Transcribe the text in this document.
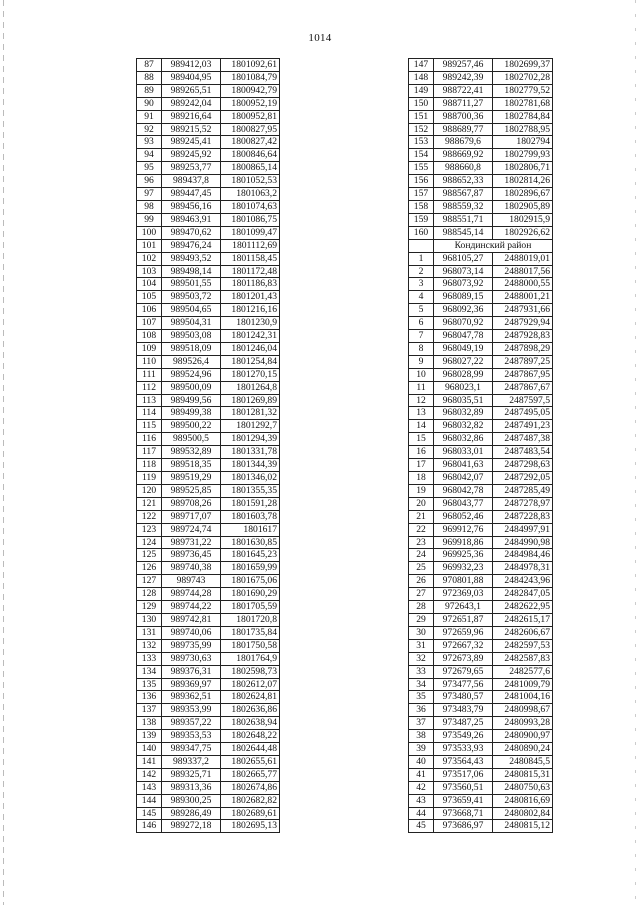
1014
87	989412,03	1801092,61
88	989404,95	1801084,79
89	989265,51	1800942,79
90	989242,04	1800952,19
91	989216,64	1800952,81
92	989215,52	1800827,95
93	989245,41	1800827,42
94	989245,92	1800846,64
95	989253,77	1800865,14
96	989437,8	1801052,53
97	989447,45	1801063,2
98	989456,16	1801074,63
99	989463,91	1801086,75
100	989470,62	1801099,47
101	989476,24	1801112,69
102	989493,52	1801158,45
103	989498,14	1801172,48
104	989501,55	1801186,83
105	989503,72	1801201,43
106	989504,65	1801216,16
107	989504,31	1801230,9
108	989503,08	1801242,31
109	989518,09	1801246,04
110	989526,4	1801254,84
111	989524,96	1801270,15
112	989500,09	1801264,8
113	989499,56	1801269,89
114	989499,38	1801281,32
115	989500,22	1801292,7
116	989500,5	1801294,39
117	989532,89	1801331,78
118	989518,35	1801344,39
119	989519,29	1801346,02
120	989525,85	1801355,35
121	989708,26	1801591,28
122	989717,07	1801603,78
123	989724,74	1801617
124	989731,22	1801630,85
125	989736,45	1801645,23
126	989740,38	1801659,99
127	989743	1801675,06
128	989744,28	1801690,29
129	989744,22	1801705,59
130	989742,81	1801720,8
131	989740,06	1801735,84
132	989735,99	1801750,58
133	989730,63	1801764,9
134	989376,31	1802598,73
135	989369,97	1802612,07
136	989362,51	1802624,81
137	989353,99	1802636,86
138	989357,22	1802638,94
139	989353,53	1802648,22
140	989347,75	1802644,48
141	989337,2	1802655,61
142	989325,71	1802665,77
143	989313,36	1802674,86
144	989300,25	1802682,82
145	989286,49	1802689,61
146	989272,18	1802695,13
147	989257,46	1802699,37
148	989242,39	1802702,28
149	988722,41	1802779,52
150	988711,27	1802781,68
151	988700,36	1802784,84
152	988689,77	1802788,95
153	988679,6	1802794
154	988669,92	1802799,93
155	988660,8	1802806,71
156	988652,33	1802814,26
157	988567,87	1802896,67
158	988559,32	1802905,89
159	988551,71	1802915,9
160	988545,14	1802926,62
	Кондинский район	
1	968105,27	2488019,01
2	968073,14	2488017,56
3	968073,92	2488000,55
4	968089,15	2488001,21
5	968092,36	2487931,66
6	968070,92	2487929,94
7	968047,78	2487928,83
8	968049,19	2487898,29
9	968027,22	2487897,25
10	968028,99	2487867,95
11	968023,1	2487867,67
12	968035,51	2487597,5
13	968032,89	2487495,05
14	968032,82	2487491,23
15	968032,86	2487487,38
16	968033,01	2487483,54
17	968041,63	2487298,63
18	968042,07	2487292,05
19	968042,78	2487285,49
20	968043,77	2487278,97
21	968052,46	2487228,83
22	969912,76	2484997,91
23	969918,86	2484990,98
24	969925,36	2484984,46
25	969932,23	2484978,31
26	970801,88	2484243,96
27	972369,03	2482847,05
28	972643,1	2482622,95
29	972651,87	2482615,17
30	972659,96	2482606,67
31	972667,32	2482597,53
32	972673,89	2482587,83
33	972679,65	2482577,6
34	973477,56	2481009,79
35	973480,57	2481004,16
36	973483,79	2480998,67
37	973487,25	2480993,28
38	973549,26	2480900,97
39	973533,93	2480890,24
40	973564,43	2480845,5
41	973517,06	2480815,31
42	973560,51	2480750,63
43	973659,41	2480816,69
44	973668,71	2480802,84
45	973686,97	2480815,12
